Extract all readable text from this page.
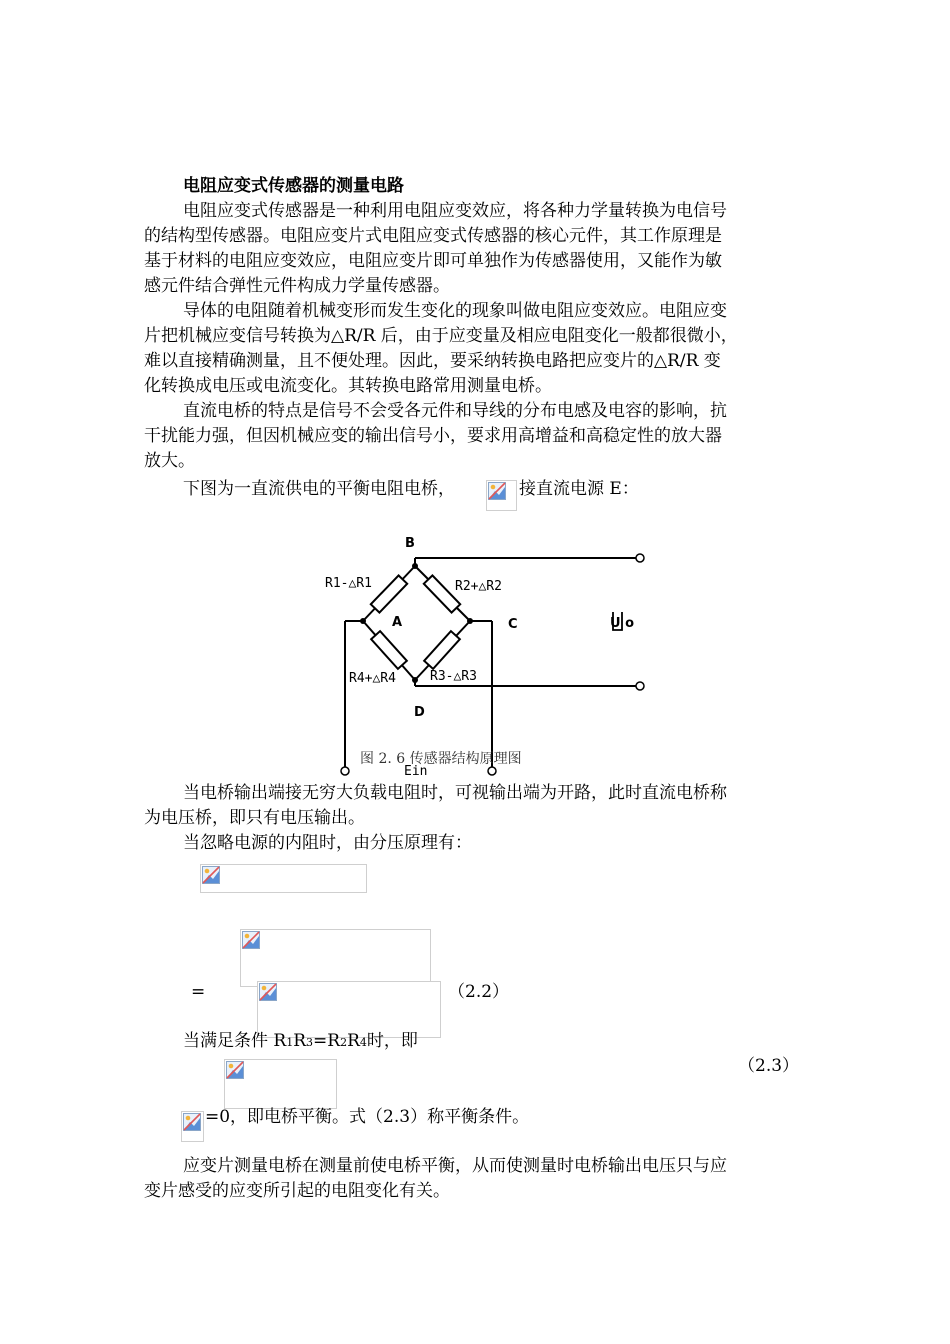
电阻应变式传感器的测量电路
电阻应变式传感器是一种利用电阻应变效应，将各种力学量转换为电信号
的结构型传感器。电阻应变片式电阻应变式传感器的核心元件，其工作原理是
基于材料的电阻应变效应，电阻应变片即可单独作为传感器使用，又能作为敏
感元件结合弹性元件构成力学量传感器。
导体的电阻随着机械变形而发生变化的现象叫做电阻应变效应。电阻应变
片把机械应变信号转换为△R/R 后，由于应变量及相应电阻变化一般都很微小，
难以直接精确测量，且不便处理。因此，要采纳转换电路把应变片的△R/R 变
化转换成电压或电流变化。其转换电路常用测量电桥。
直流电桥的特点是信号不会受各元件和导线的分布电感及电容的影响，抗
干扰能力强，但因机械应变的输出信号小，要求用高增益和高稳定性的放大器
放大。
下图为一直流供电的平衡电阻电桥，	接直流电源 E：
B
A	C
D
R1-△R1	R2+△R2
R3-△R3
R4+△R4
U o
Ein
图 2. 6 传感器结构原理图
当电桥输出端接无穷大负载电阻时，可视输出端为开路，此时直流电桥称
为电压桥，即只有电压输出。
当忽略电源的内阻时，由分压原理有：
=	（2.2）
当满足条件 R1R3=R2R4时，即
（2.3）
=0，即电桥平衡。式（2.3）称平衡条件。
应变片测量电桥在测量前使电桥平衡，从而使测量时电桥输出电压只与应
变片感受的应变所引起的电阻变化有关。
